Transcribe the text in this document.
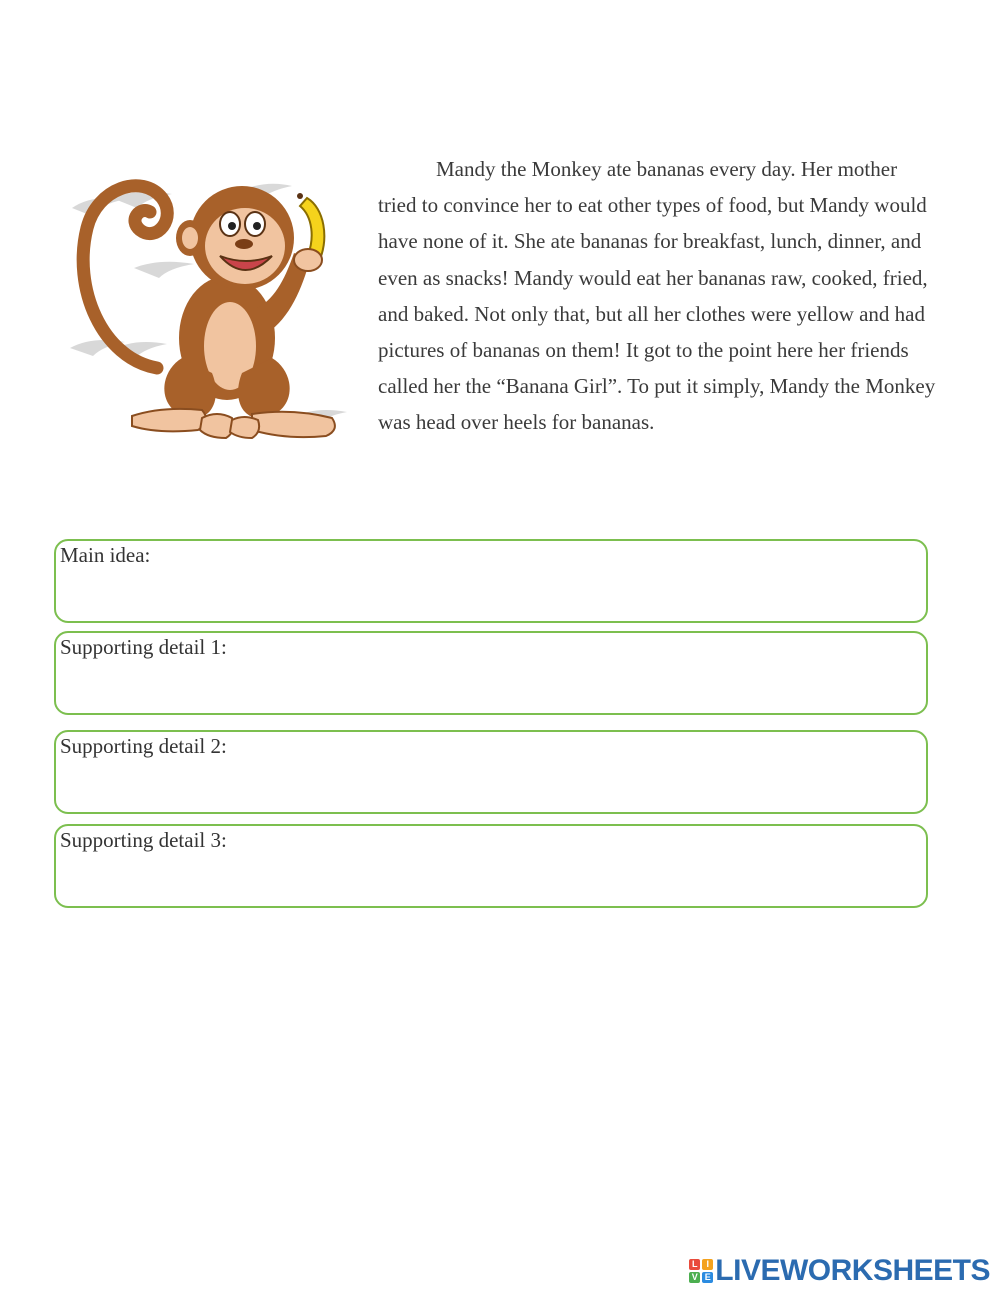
Mandy the Monkey ate bananas every day. Her mother tried to convince her to eat other types of food, but Mandy would have none of it. She ate bananas for breakfast, lunch, dinner, and even as snacks! Mandy would eat her bananas raw, cooked, fried, and baked. Not only that, but all her clothes were yellow and had pictures of bananas on them! It got to the point here her friends called her the “Banana Girl”. To put it simply, Mandy the Monkey was head over heels for bananas.

Main idea:
Supporting detail 1:
Supporting detail 2:
Supporting detail 3:
L I
V E LIVEWORKSHEETS
